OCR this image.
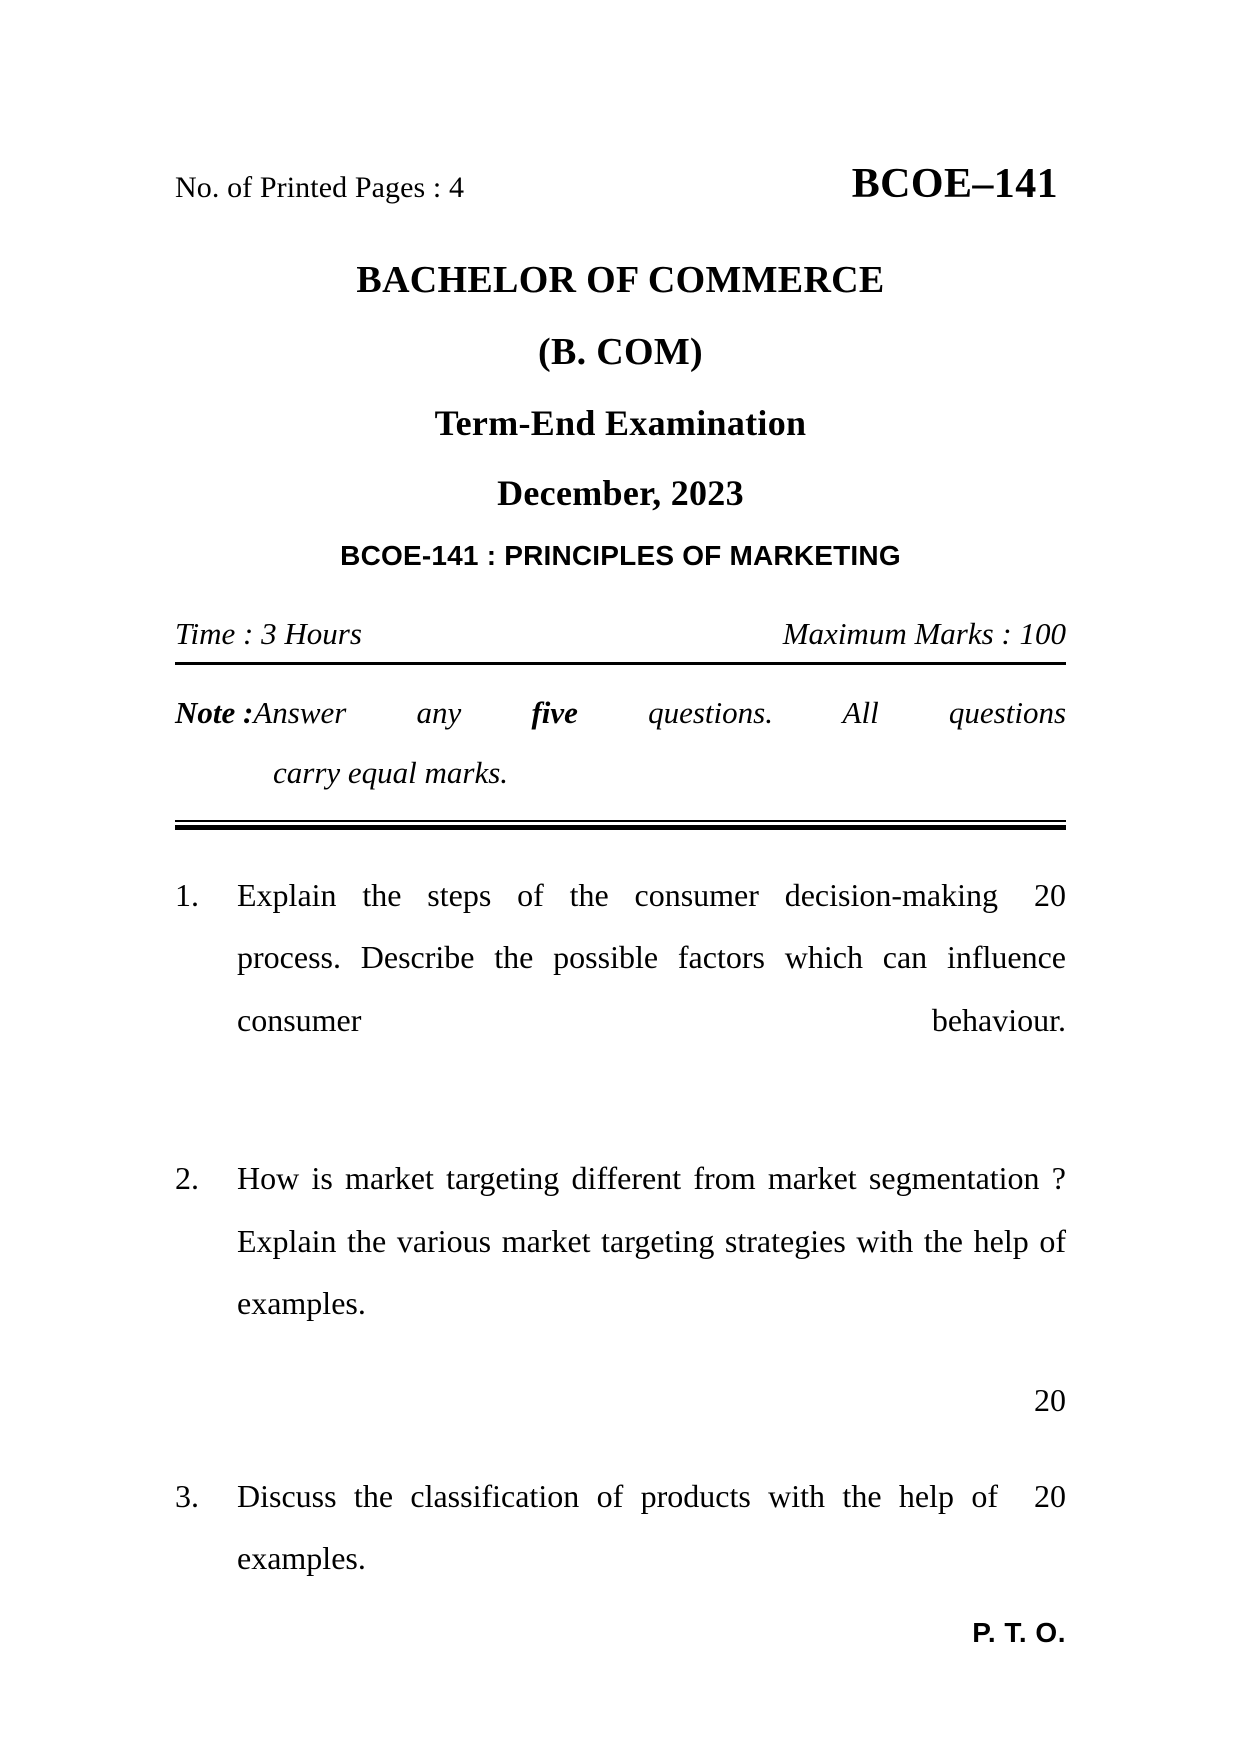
No. of Printed Pages : 4	BCOE–141
BACHELOR OF COMMERCE
(B. COM)
Term-End Examination
December, 2023
BCOE-141 : PRINCIPLES OF MARKETING
Time : 3 Hours	Maximum Marks : 100
Note : Answer any five questions. All questions
carry equal marks.
1.	20
Explain the steps of the consumer decision-making process. Describe the possible factors which can influence consumer behaviour.
2.	How is market targeting different from market segmentation ? Explain the various market targeting strategies with the help of examples.
20
3.	20
Discuss the classification of products with the help of examples.
P. T. O.
